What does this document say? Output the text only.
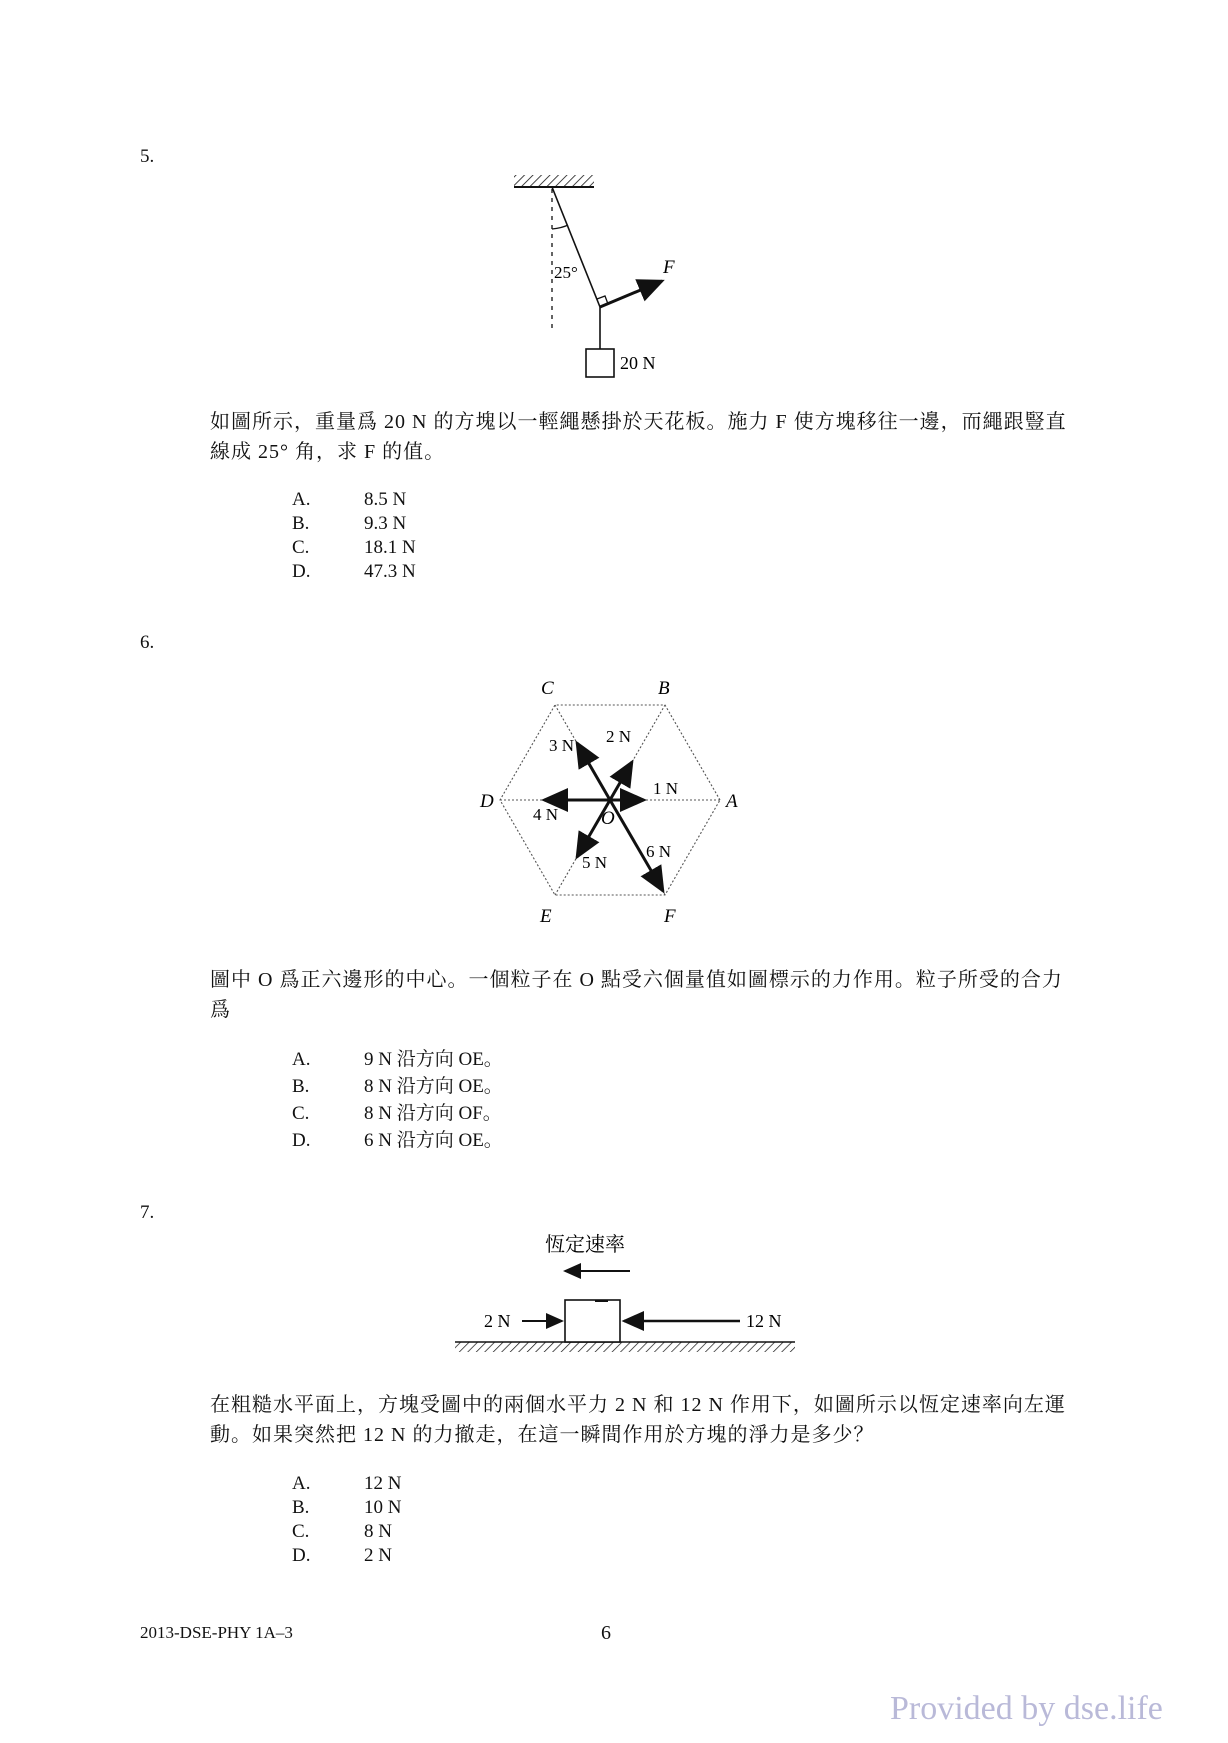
5.
25°	F
20 N
如圖所示，重量爲 20 N 的方塊以一輕繩懸掛於天花板。施力 F 使方塊移往一邊，而繩跟豎直線成 25° 角，求 F 的值。
A.	8.5 N
B.	9.3 N
C.	18.1 N
D.	47.3 N
6.
C	B
D	A
E	F
O
1 N
2 N
3 N
4 N
5 N
6 N
圖中 O 爲正六邊形的中心。一個粒子在 O 點受六個量值如圖標示的力作用。粒子所受的合力爲
A.	9 N 沿方向 OE。
B.	8 N 沿方向 OE。
C.	8 N 沿方向 OF。
D.	6 N 沿方向 OE。
7.
恆定速率
2 N	12 N
在粗糙水平面上，方塊受圖中的兩個水平力 2 N 和 12 N 作用下，如圖所示以恆定速率向左運動。如果突然把 12 N 的力撤走，在這一瞬間作用於方塊的淨力是多少？
A.	12 N
B.	10 N
C.	8 N
D.	2 N
2013-DSE-PHY 1A–3	6
Provided by dse.life
